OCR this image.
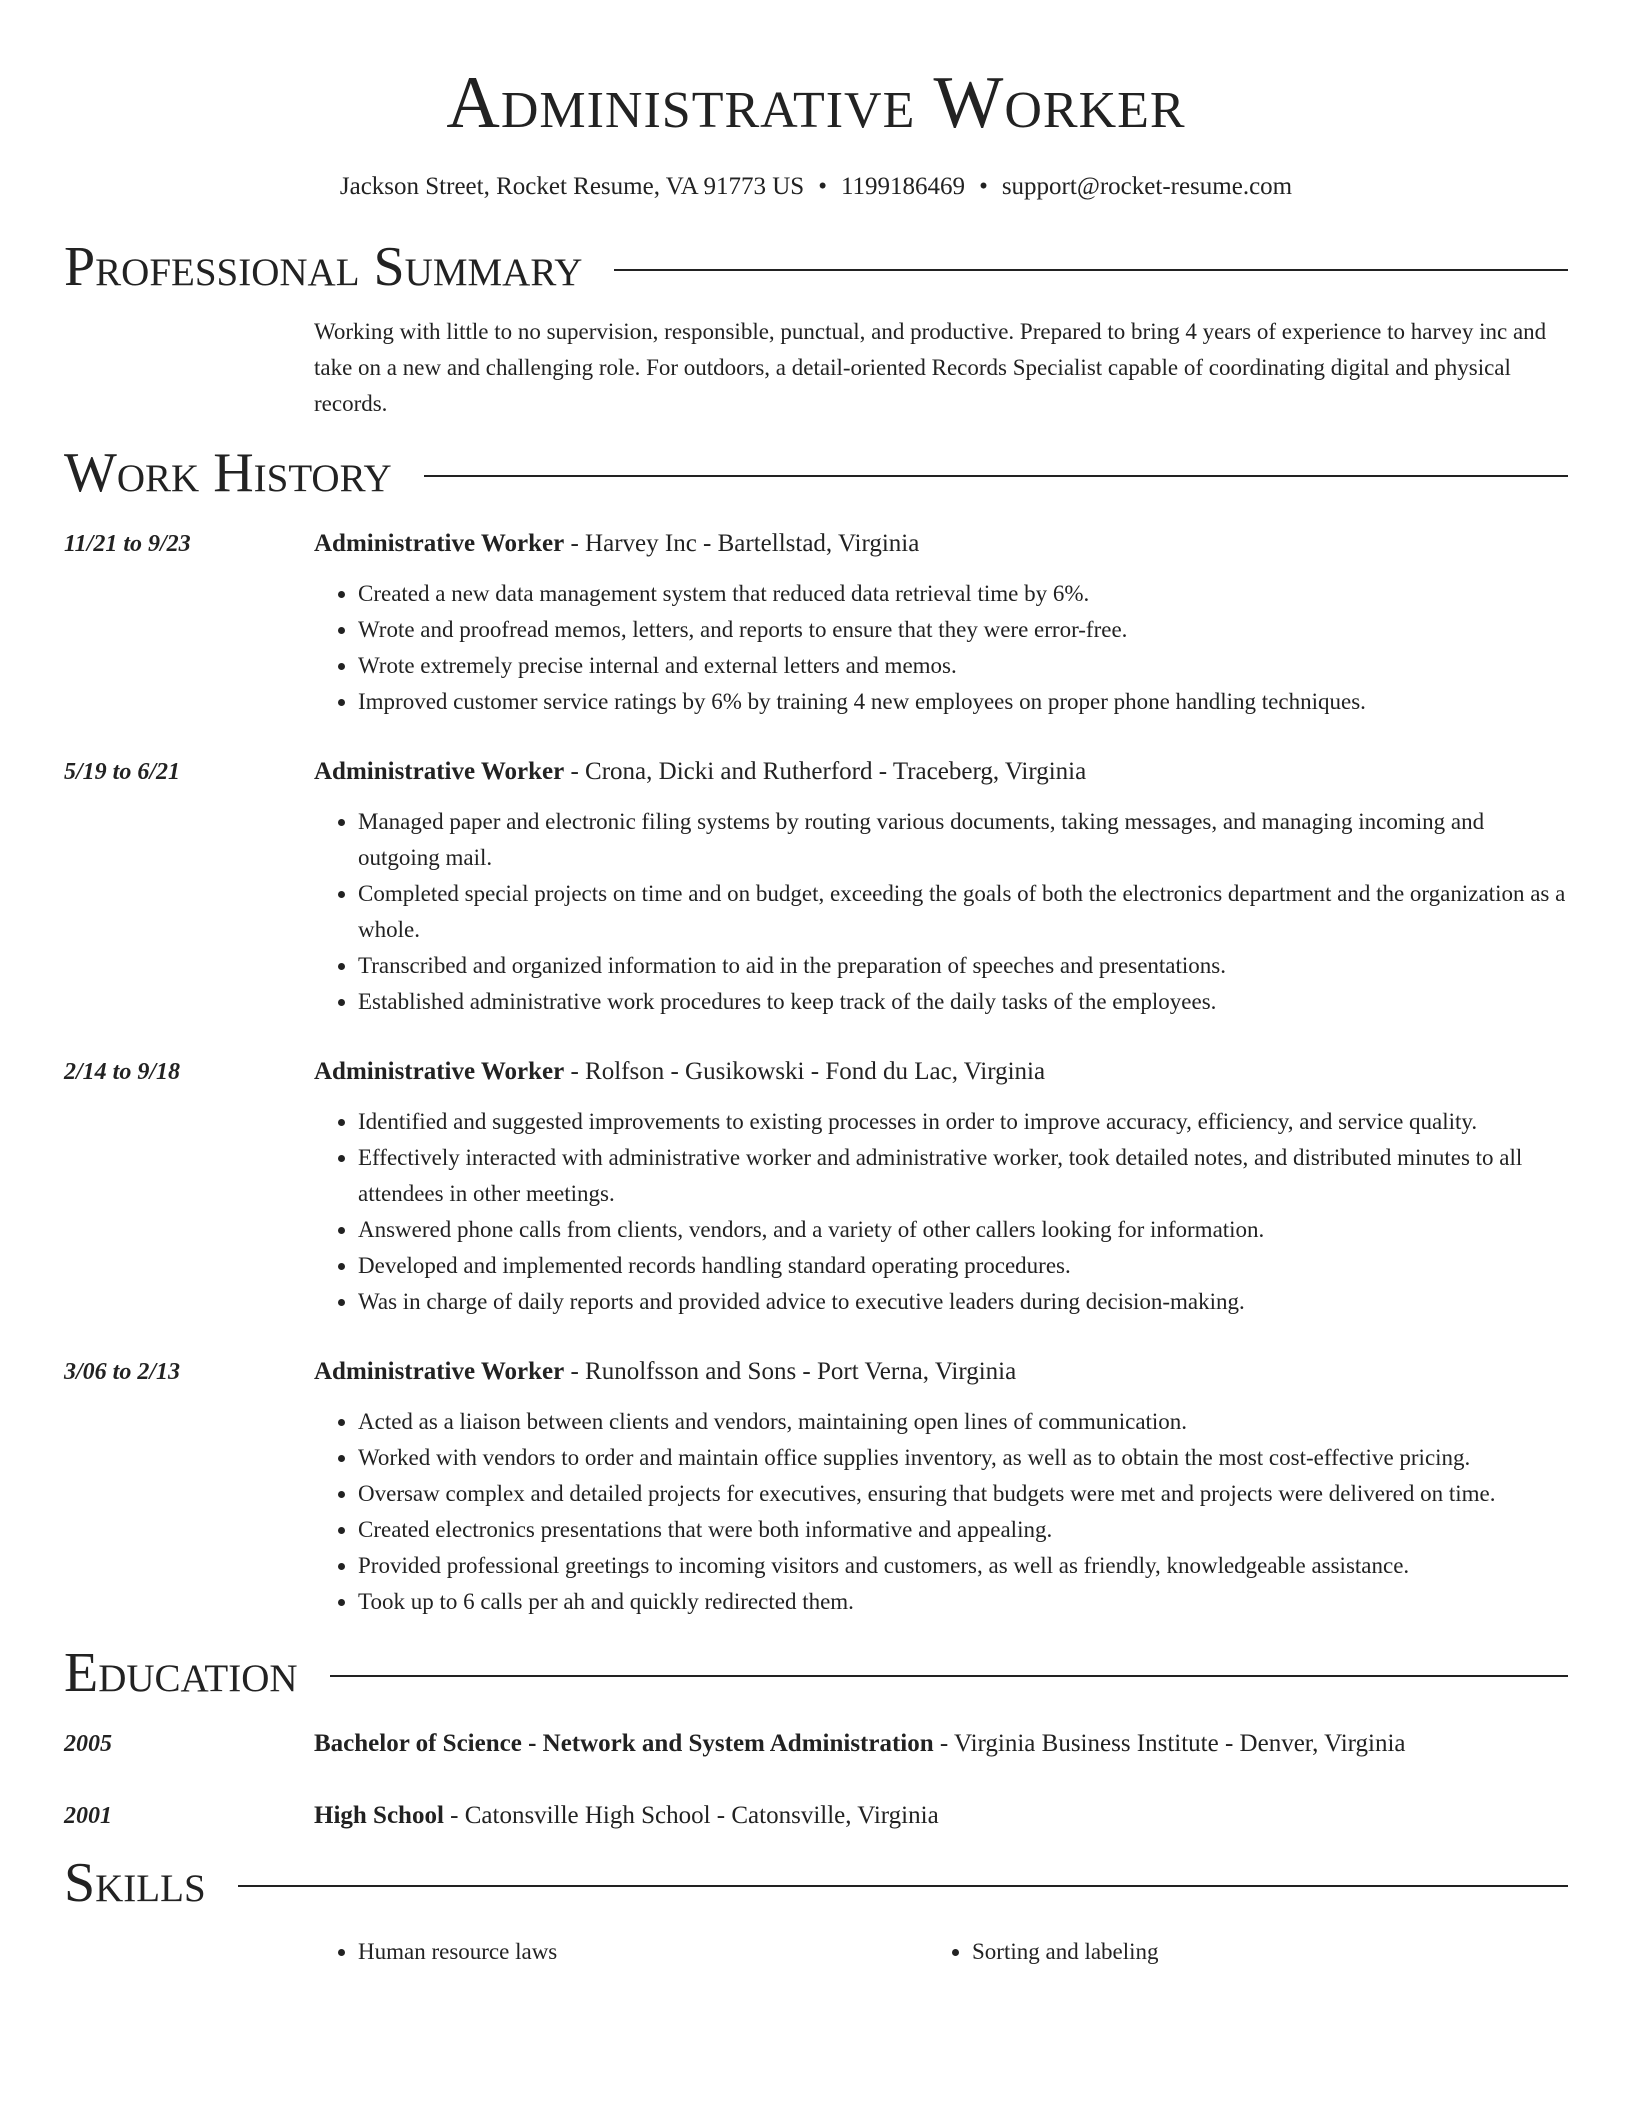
Administrative Worker
Jackson Street, Rocket Resume, VA 91773 US • 1199186469 • support@rocket-resume.com
Professional Summary
Working with little to no supervision, responsible, punctual, and productive. Prepared to bring 4 years of experience to harvey inc and take on a new and challenging role. For outdoors, a detail-oriented Records Specialist capable of coordinating digital and physical records.
Work History
11/21 to 9/23	Administrative Worker - Harvey Inc - Bartellstad, Virginia
• Created a new data management system that reduced data retrieval time by 6%.
• Wrote and proofread memos, letters, and reports to ensure that they were error-free.
• Wrote extremely precise internal and external letters and memos.
• Improved customer service ratings by 6% by training 4 new employees on proper phone handling techniques.
5/19 to 6/21	Administrative Worker - Crona, Dicki and Rutherford - Traceberg, Virginia
• Managed paper and electronic filing systems by routing various documents, taking messages, and managing incoming and outgoing mail.
• Completed special projects on time and on budget, exceeding the goals of both the electronics department and the organization as a whole.
• Transcribed and organized information to aid in the preparation of speeches and presentations.
• Established administrative work procedures to keep track of the daily tasks of the employees.
2/14 to 9/18	Administrative Worker - Rolfson - Gusikowski - Fond du Lac, Virginia
• Identified and suggested improvements to existing processes in order to improve accuracy, efficiency, and service quality.
• Effectively interacted with administrative worker and administrative worker, took detailed notes, and distributed minutes to all attendees in other meetings.
• Answered phone calls from clients, vendors, and a variety of other callers looking for information.
• Developed and implemented records handling standard operating procedures.
• Was in charge of daily reports and provided advice to executive leaders during decision-making.
3/06 to 2/13	Administrative Worker - Runolfsson and Sons - Port Verna, Virginia
• Acted as a liaison between clients and vendors, maintaining open lines of communication.
• Worked with vendors to order and maintain office supplies inventory, as well as to obtain the most cost-effective pricing.
• Oversaw complex and detailed projects for executives, ensuring that budgets were met and projects were delivered on time.
• Created electronics presentations that were both informative and appealing.
• Provided professional greetings to incoming visitors and customers, as well as friendly, knowledgeable assistance.
• Took up to 6 calls per ah and quickly redirected them.
Education
2005	Bachelor of Science - Network and System Administration - Virginia Business Institute - Denver, Virginia
2001	High School - Catonsville High School - Catonsville, Virginia
Skills
• Human resource laws
•	Sorting and labeling
